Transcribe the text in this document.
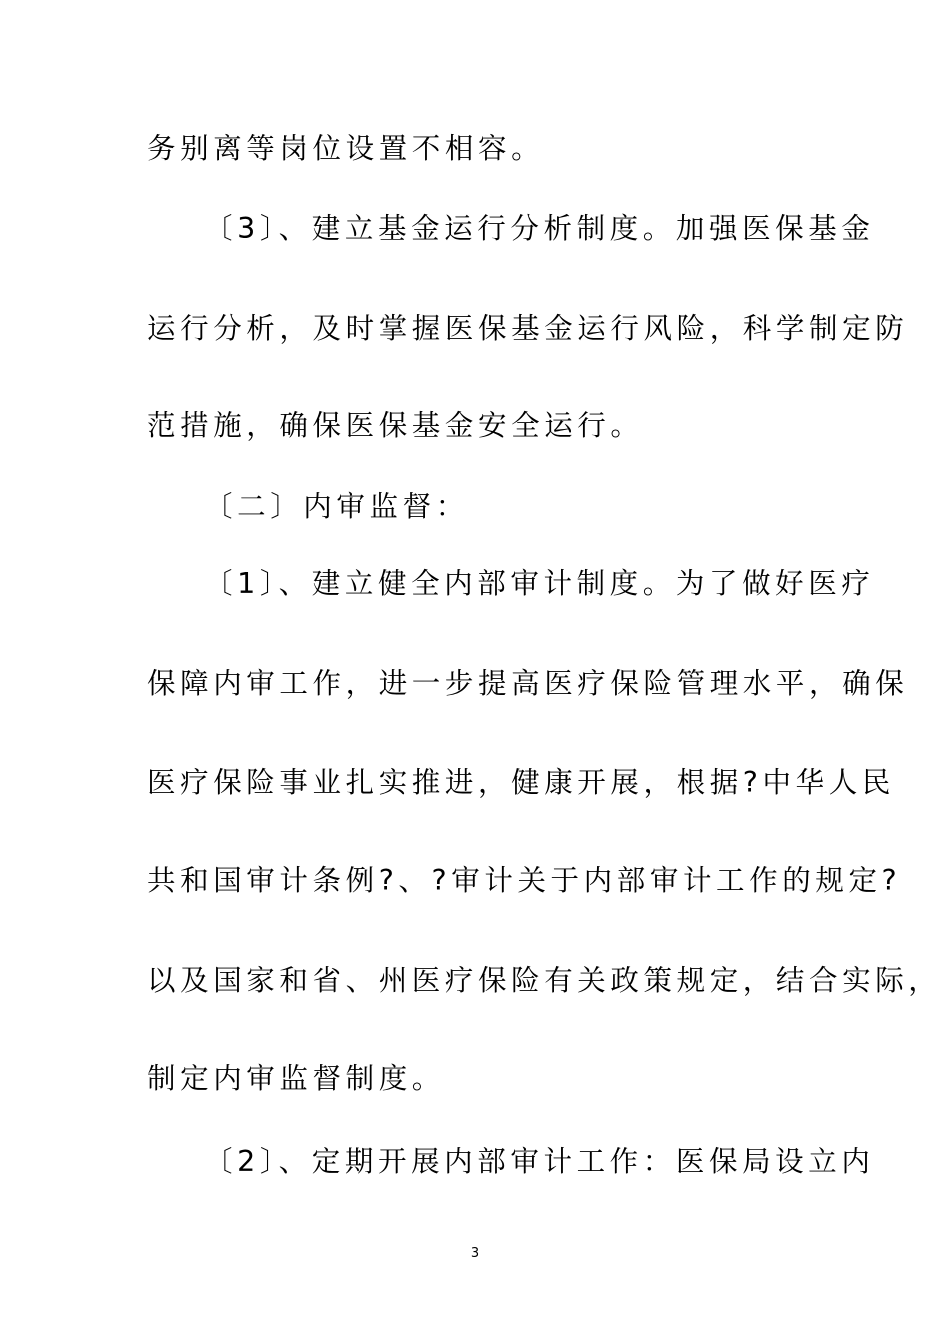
务别离等岗位设置不相容。
〔3〕、建立基金运行分析制度。加强医保基金
运行分析，及时掌握医保基金运行风险，科学制定防
范措施，确保医保基金安全运行。
〔二〕内审监督：
〔1〕、建立健全内部审计制度。为了做好医疗
保障内审工作，进一步提高医疗保险管理水平，确保
医疗保险事业扎实推进，健康开展，根据?中华人民
共和国审计条例?、?审计关于内部审计工作的规定?
以及国家和省、州医疗保险有关政策规定，结合实际，
制定内审监督制度。
〔2〕、定期开展内部审计工作：医保局设立内
3
